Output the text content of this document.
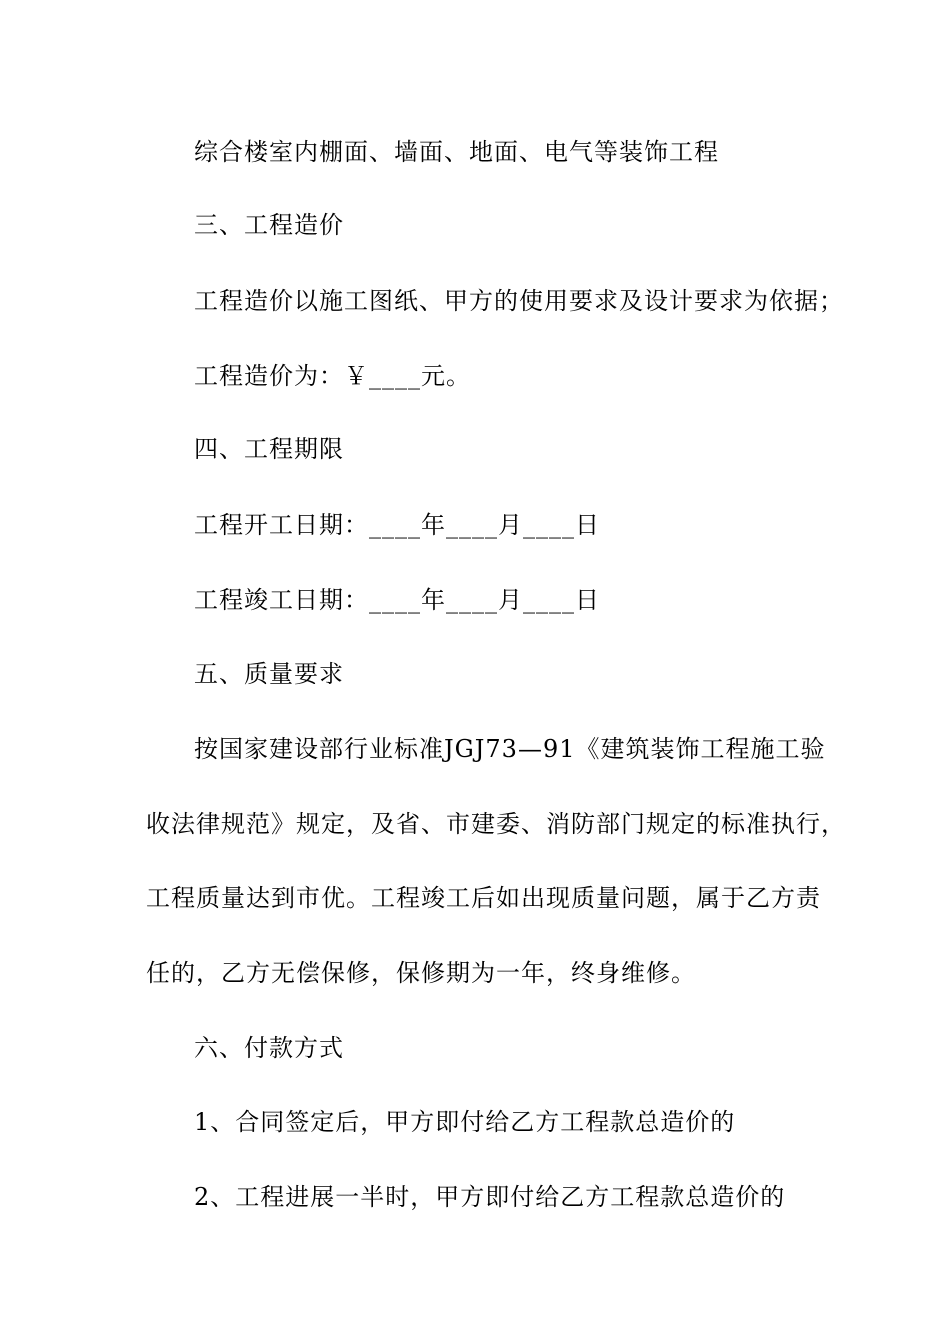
综合楼室内棚面、墙面、地面、电气等装饰工程
三、工程造价
工程造价以施工图纸、甲方的使用要求及设计要求为依据；
工程造价为：￥____元。
四、工程期限
工程开工日期：____年____月____日
工程竣工日期：____年____月____日
五、质量要求
按国家建设部行业标准JGJ73—91《建筑装饰工程施工验
收法律规范》规定，及省、市建委、消防部门规定的标准执行，
工程质量达到市优。工程竣工后如出现质量问题，属于乙方责
任的，乙方无偿保修，保修期为一年，终身维修。
六、付款方式
1、合同签定后，甲方即付给乙方工程款总造价的
2、工程进展一半时，甲方即付给乙方工程款总造价的
